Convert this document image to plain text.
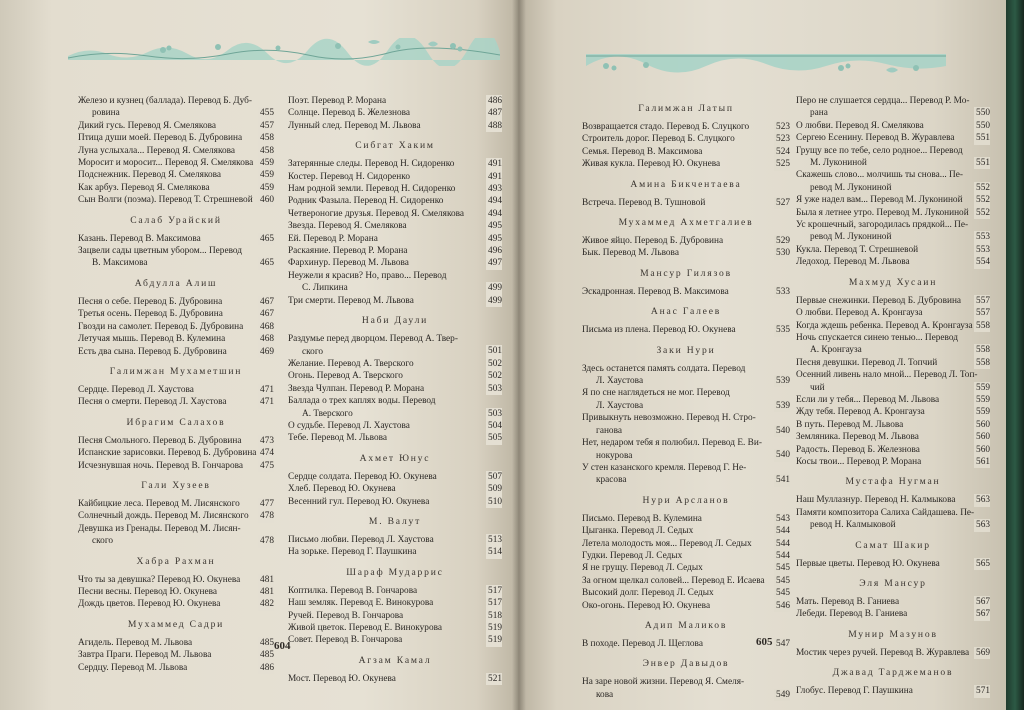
Железо и кузнец (баллада). Перевод Б. Дуб-
ровина	455
Дикий гусь. Перевод Я. Смелякова	457
Птица души моей. Перевод Б. Дубровина	458
Луна услыхала... Перевод Я. Смелякова	458
Моросит и моросит... Перевод Я. Смелякова 459
Подснежник. Перевод Я. Смелякова	459
Как арбуз. Перевод Я. Смелякова	459
Сын Волги (поэма). Перевод Т. Стрешневой 460
Салаб Урайский
Казань. Перевод В. Максимова	465
Зацвели сады цветным убором... Перевод
В. Максимова	465
Абдулла Алиш
Песня о себе. Перевод Б. Дубровина	467
Третья осень. Перевод Б. Дубровина	467
Гвозди на самолет. Перевод Б. Дубровина	468
Летучая мышь. Перевод В. Кулемина	468
Есть два сына. Перевод Б. Дубровина	469
Галимжан Мухаметшин
Сердце. Перевод Л. Хаустова	471
Песня о смерти. Перевод Л. Хаустова	471
Ибрагим Салахов
Песня Смольного. Перевод Б. Дубровина	473
Испанские зарисовки. Перевод Б. Дубровина 474
Исчезнувшая ночь. Перевод В. Гончарова	475
Гали Хузеев
Кайбицкие леса. Перевод М. Лисянского	477
Солнечный дождь. Перевод М. Лисянского	478
Девушка из Гренады. Перевод М. Лисян-
ского	478
Хабра Рахман
Что ты за девушка? Перевод Ю. Окунева	481
Песни весны. Перевод Ю. Окунева	481
Дождь цветов. Перевод Ю. Окунева	482
Мухаммед Садри
Агидель. Перевод М. Львова	485
Завтра Праги. Перевод М. Львова	485
Сердцу. Перевод М. Львова	486
Поэт. Перевод Р. Морана	486
Солнце. Перевод Б. Железнова	487
Лунный след. Перевод М. Львова	488
Сибгат Хаким
Затерянные следы. Перевод Н. Сидоренко	491
Костер. Перевод Н. Сидоренко	491
Нам родной земли. Перевод Н. Сидоренко	493
Родник Фазыла. Перевод Н. Сидоренко	494
Четвероногие друзья. Перевод Я. Смелякова	494
Звезда. Перевод Я. Смелякова	495
Ей. Перевод Р. Морана	495
Раскаяние. Перевод Р. Морана	496
Фархинур. Перевод М. Львова	497
Неужели я красив? Но, право... Перевод
С. Липкина	499
Три смерти. Перевод М. Львова	499
Наби Даули
Раздумье перед дворцом. Перевод А. Твер-
ского	501
Желание. Перевод А. Тверского	502
Огонь. Перевод А. Тверского	502
Звезда Чулпан. Перевод Р. Морана	503
Баллада о трех каплях воды. Перевод
А. Тверского	503
О судьбе. Перевод Л. Хаустова	504
Тебе. Перевод М. Львова	505
Ахмет Юнус
Сердце солдата. Перевод Ю. Окунева	507
Хлеб. Перевод Ю. Окунева	509
Весенний гул. Перевод Ю. Окунева	510
М. Валут
Письмо любви. Перевод Л. Хаустова	513
На зорьке. Перевод Г. Паушкина	514
Шараф Мударрис
Коптилка. Перевод В. Гончарова	517
Наш земляк. Перевод Е. Винокурова	517
Ручей. Перевод В. Гончарова	518
Живой цветок. Перевод Е. Винокурова	519
Совет. Перевод В. Гончарова	519
Агзам Камал
Мост. Перевод Ю. Окунева	521
604
Галимжан Латып
Возвращается стадо. Перевод Б. Слуцкого	523
Строитель дорог. Перевод Б. Слуцкого	523
Семья. Перевод В. Максимова	524
Живая кукла. Перевод Ю. Окунева	525
Амина Бикчентаева
Встреча. Перевод В. Тушновой	527
Мухаммед Ахметгалиев
Живое яйцо. Перевод Б. Дубровина	529
Бык. Перевод М. Львова	530
Мансур Гилязов
Эскадронная. Перевод В. Максимова	533
Анас Галеев
Письма из плена. Перевод Ю. Окунева	535
Заки Нури
Здесь останется память солдата. Перевод
Л. Хаустова	539
Я по сне наглядеться не мог. Перевод
Л. Хаустова	539
Привыкнуть невозможно. Перевод Н. Стро-
ганова	540
Нет, недаром тебя я полюбил. Перевод Е. Ви-
нокурова	540
У стен казанского кремля. Перевод Г. Не-
красова	541
Нури Арсланов
Письмо. Перевод В. Кулемина	543
Цыганка. Перевод Л. Седых	544
Летела молодость моя... Перевод Л. Седых	544
Гудки. Перевод Л. Седых	544
Я не грущу. Перевод Л. Седых	545
За огном щелкал соловей... Перевод Е. Исаева	545
Высокий долг. Перевод Л. Седых	545
Око-огонь. Перевод Ю. Окунева	546
Адип Маликов
В походе. Перевод Л. Щеглова	547
Энвер Давыдов
На заре новой жизни. Перевод Я. Смеля-
кова	549
Перо не слушается сердца... Перевод Р. Мо-
рана	550
О любви. Перевод Я. Смелякова	550
Сергею Есенину. Перевод В. Журавлева	551
Грущу все по тебе, село родное... Перевод
М. Лукониной	551
Скажешь слово... молчишь ты снова... Пе-
ревод М. Лукониной	552
Я уже надел вам... Перевод М. Лукониной	552
Была я летнее утро. Перевод М. Лукониной 552
Ус крошечный, загородилась прядкой... Пе-
ревод М. Лукониной	553
Кукла. Перевод Т. Стрешневой	553
Ледоход. Перевод М. Львова	554
Махмуд Хусаин
Первые снежинки. Перевод Б. Дубровина	557
О любви. Перевод А. Кронгауза	557
Когда ждешь ребенка. Перевод А. Кронгауза 558
Ночь спускается синею тенью... Перевод
А. Кронгауза	558
Песня девушки. Перевод Л. Топчий	558
Осенний ливень нало мной... Перевод Л. Топ-
чий	559
Если ли у тебя... Перевод М. Львова	559
Жду тебя. Перевод А. Кронгауза	559
В путь. Перевод М. Львова	560
Земляника. Перевод М. Львова	560
Радость. Перевод Б. Железнова	560
Косы твои... Перевод Р. Морана	561
Мустафа Нугман
Наш Муллазнур. Перевод Н. Калмыкова	563
Памяти композитора Салиха Сайдашева. Пе-
ревод Н. Калмыковой	563
Самат Шакир
Первые цветы. Перевод Ю. Окунева	565
Эля Мансур
Мать. Перевод В. Ганиева	567
Лебеди. Перевод В. Ганиева	567
Мунир Мазунов
Мостик через ручей. Перевод В. Журавлева 569
Джавад Тарджеманов
Глобус. Перевод Г. Паушкина	571
605
